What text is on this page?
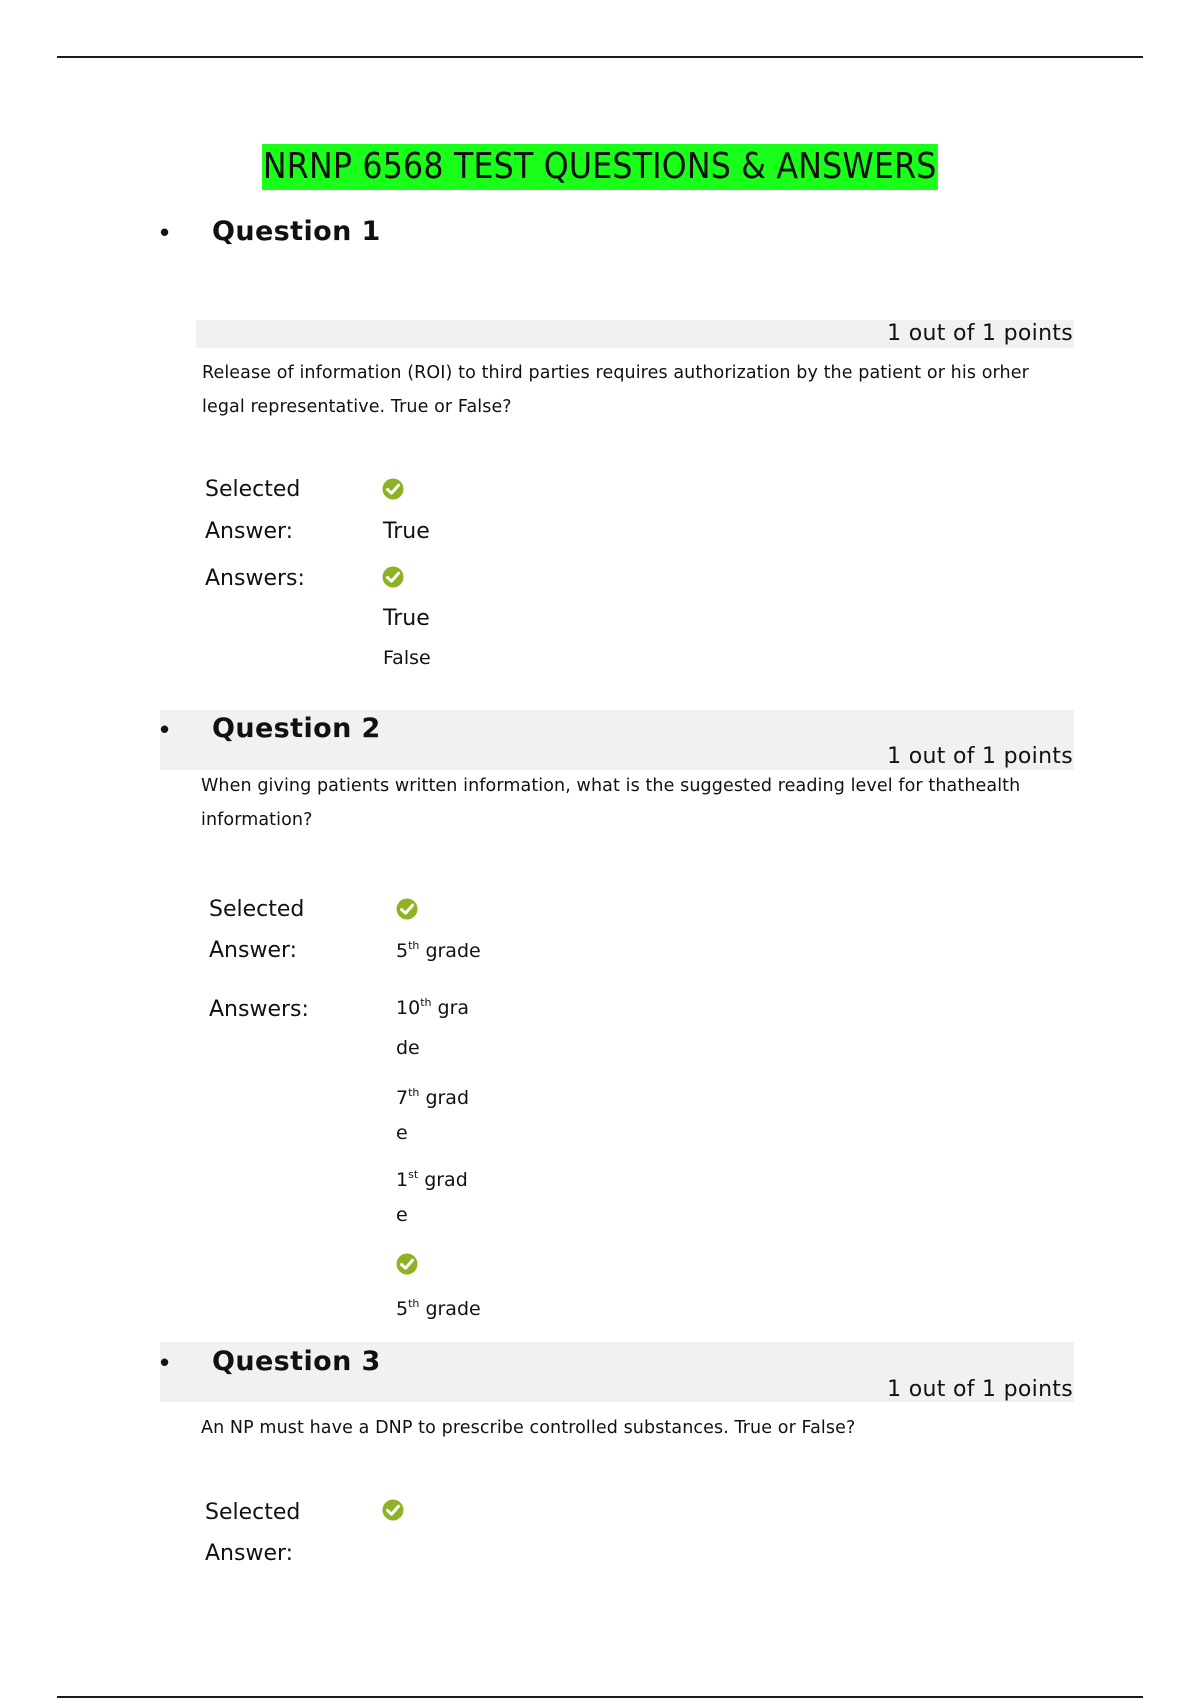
NRNP 6568 TEST QUESTIONS & ANSWERS
• Question 1
1 out of 1 points
Release of information (ROI) to third parties requires authorization by the patient or his orher
legal representative. True or False?
Selected
Answer:	True
Answers:
True
False
• Question 2
1 out of 1 points
When giving patients written information, what is the suggested reading level for thathealth
information?
Selected
Answer:	5th grade
Answers:	10th gra
de
7th grad
e
1st grad
e
5th grade
• Question 3
1 out of 1 points
An NP must have a DNP to prescribe controlled substances. True or False?
Selected
Answer:
